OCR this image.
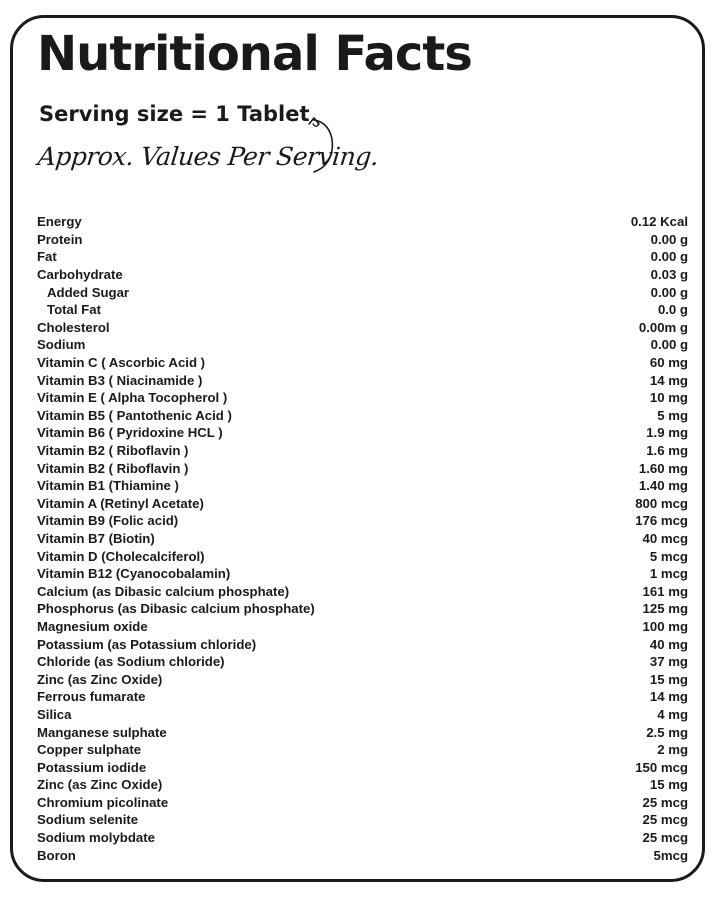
Nutritional Facts
Serving size = 1 Tablet
Approx. Values Per Serving.
Energy	0.12 Kcal
Protein	0.00 g
Fat	0.00 g
Carbohydrate	0.03 g
Added Sugar	0.00 g
Total Fat	0.0 g
Cholesterol	0.00m g
Sodium	0.00 g
Vitamin C ( Ascorbic Acid )	60 mg
Vitamin B3 ( Niacinamide )	14 mg
Vitamin E ( Alpha Tocopherol )	10 mg
Vitamin B5 ( Pantothenic Acid )	5 mg
Vitamin B6 ( Pyridoxine HCL )	1.9 mg
Vitamin B2 ( Riboflavin )	1.6 mg
Vitamin B2 ( Riboflavin )	1.60 mg
Vitamin B1 (Thiamine )	1.40 mg
Vitamin A (Retinyl Acetate)	800 mcg
Vitamin B9 (Folic acid)	176 mcg
Vitamin B7 (Biotin)	40 mcg
Vitamin D (Cholecalciferol)	5 mcg
Vitamin B12 (Cyanocobalamin)	1 mcg
Calcium (as Dibasic calcium phosphate)	161 mg
Phosphorus (as Dibasic calcium phosphate)	125 mg
Magnesium oxide	100 mg
Potassium (as Potassium chloride)	40 mg
Chloride (as Sodium chloride)	37 mg
Zinc (as Zinc Oxide)	15 mg
Ferrous fumarate	14 mg
Silica	4 mg
Manganese sulphate	2.5 mg
Copper sulphate	2 mg
Potassium iodide	150 mcg
Zinc (as Zinc Oxide)	15 mg
Chromium picolinate	25 mcg
Sodium selenite	25 mcg
Sodium molybdate	25 mcg
Boron	5mcg
